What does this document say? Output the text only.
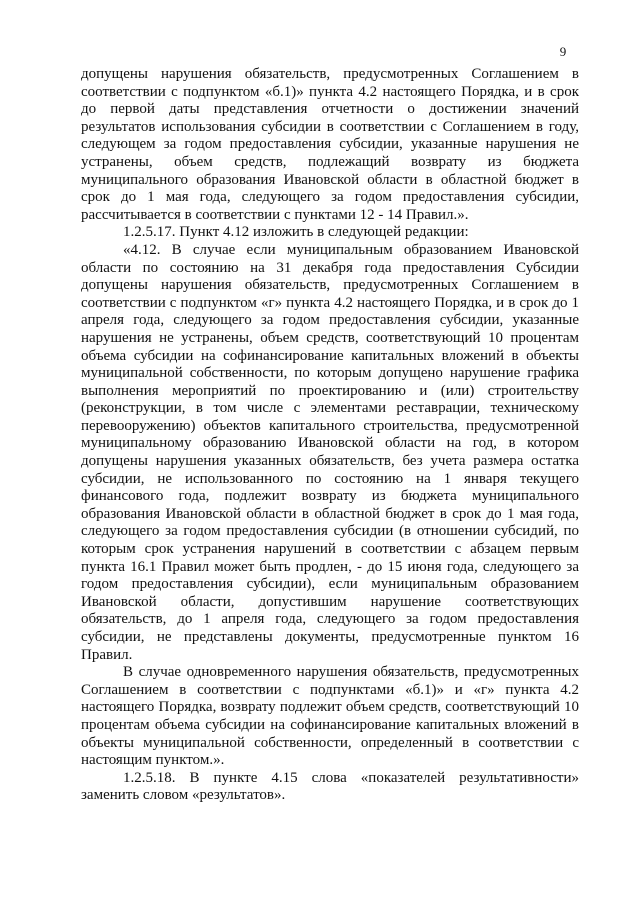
9

допущены нарушения обязательств, предусмотренных Соглашением в соответствии с подпунктом «б.1)» пункта 4.2 настоящего Порядка, и в срок до первой даты представления отчетности о достижении значений результатов использования субсидии в соответствии с Соглашением в году, следующем за годом предоставления субсидии, указанные нарушения не устранены, объем средств, подлежащий возврату из бюджета муниципального образования Ивановской области в областной бюджет в срок до 1 мая года, следующего за годом предоставления субсидии, рассчитывается в соответствии с пунктами 12 - 14 Правил.».

1.2.5.17. Пункт 4.12 изложить в следующей редакции:

«4.12. В случае если муниципальным образованием Ивановской области по состоянию на 31 декабря года предоставления Субсидии допущены нарушения обязательств, предусмотренных Соглашением в соответствии с подпунктом «г» пункта 4.2 настоящего Порядка, и в срок до 1 апреля года, следующего за годом предоставления субсидии, указанные нарушения не устранены, объем средств, соответствующий 10 процентам объема субсидии на софинансирование капитальных вложений в объекты муниципальной собственности, по которым допущено нарушение графика выполнения мероприятий по проектированию и (или) строительству (реконструкции, в том числе с элементами реставрации, техническому перевооружению) объектов капитального строительства, предусмотренной муниципальному образованию Ивановской области на год, в котором допущены нарушения указанных обязательств, без учета размера остатка субсидии, не использованного по состоянию на 1 января текущего финансового года, подлежит возврату из бюджета муниципального образования Ивановской области в областной бюджет в срок до 1 мая года, следующего за годом предоставления субсидии (в отношении субсидий, по которым срок устранения нарушений в соответствии с абзацем первым пункта 16.1 Правил может быть продлен, - до 15 июня года, следующего за годом предоставления субсидии), если муниципальным образованием Ивановской области, допустившим нарушение соответствующих обязательств, до 1 апреля года, следующего за годом предоставления субсидии, не представлены документы, предусмотренные пунктом 16 Правил.

В случае одновременного нарушения обязательств, предусмотренных Соглашением в соответствии с подпунктами «б.1)» и «г» пункта 4.2 настоящего Порядка, возврату подлежит объем средств, соответствующий 10 процентам объема субсидии на софинансирование капитальных вложений в объекты муниципальной собственности, определенный в соответствии с настоящим пунктом.».

1.2.5.18. В пункте 4.15 слова «показателей результативности» заменить словом «результатов».
